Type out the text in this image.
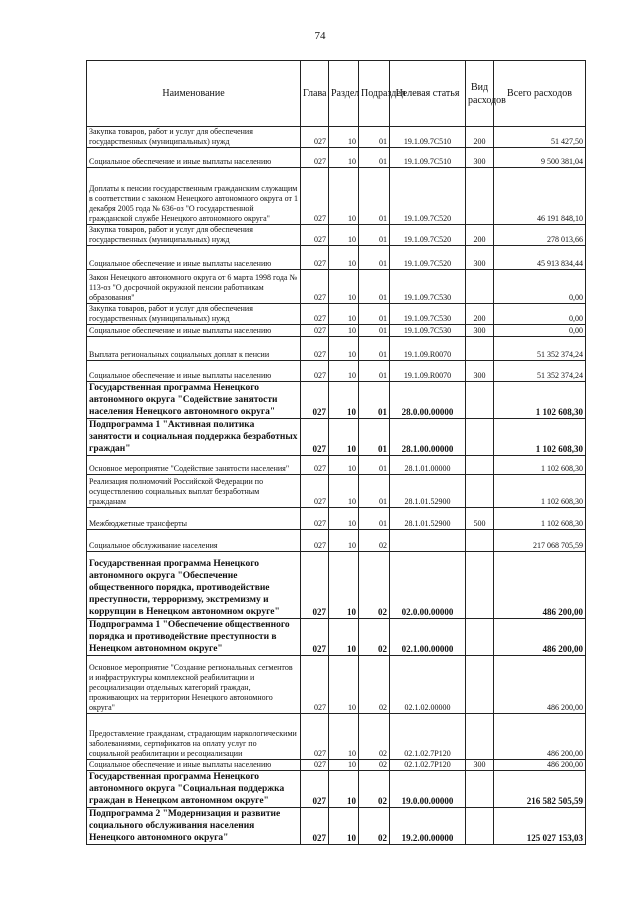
74
Наименование	Глава	Раздел	Подраздел	Целевая статья	Вид расходов	Всего расходов
Закупка товаров, работ и услуг для обеспечения государственных (муниципальных) нужд	027	10	01	19.1.09.7С510	200	51 427,50
Социальное обеспечение и иные выплаты населению	027	10	01	19.1.09.7С510	300	9 500 381,04
Доплаты к пенсии государственным гражданским служащим в соответствии с законом Ненецкого автономного округа от 1 декабря 2005 года № 636-оз "О государственной гражданской службе Ненецкого автономного округа"	027	10	01	19.1.09.7С520		46 191 848,10
Закупка товаров, работ и услуг для обеспечения государственных (муниципальных) нужд	027	10	01	19.1.09.7С520	200	278 013,66
Социальное обеспечение и иные выплаты населению	027	10	01	19.1.09.7С520	300	45 913 834,44
Закон Ненецкого автономного округа от 6 марта 1998 года № 113-оз "О досрочной окружной пенсии работникам образования"	027	10	01	19.1.09.7С530		0,00
Закупка товаров, работ и услуг для обеспечения государственных (муниципальных) нужд	027	10	01	19.1.09.7С530	200	0,00
Социальное обеспечение и иные выплаты населению	027	10	01	19.1.09.7С530	300	0,00
Выплата региональных социальных доплат к пенсии	027	10	01	19.1.09.R0070		51 352 374,24
Социальное обеспечение и иные выплаты населению	027	10	01	19.1.09.R0070	300	51 352 374,24
Государственная программа Ненецкого автономного округа "Содействие занятости населения Ненецкого автономного округа"	027	10	01	28.0.00.00000		1 102 608,30
Подпрограмма 1 "Активная политика занятости и социальная поддержка безработных граждан"	027	10	01	28.1.00.00000		1 102 608,30
Основное мероприятие "Содействие занятости населения"	027	10	01	28.1.01.00000		1 102 608,30
Реализация полномочий Российской Федерации по осуществлению социальных выплат безработным гражданам	027	10	01	28.1.01.52900		1 102 608,30
Межбюджетные трансферты	027	10	01	28.1.01.52900	500	1 102 608,30
Социальное обслуживание населения	027	10	02			217 068 705,59
Государственная программа Ненецкого автономного округа "Обеспечение общественного порядка, противодействие преступности, терроризму, экстремизму и коррупции в Ненецком автономном округе"	027	10	02	02.0.00.00000		486 200,00
Подпрограмма 1 "Обеспечение общественного порядка и противодействие преступности в Ненецком автономном округе"	027	10	02	02.1.00.00000		486 200,00
Основное мероприятие "Создание региональных сегментов и инфраструктуры комплексной реабилитации и ресоциализации отдельных категорий граждан, проживающих на территории Ненецкого автономного округа"	027	10	02	02.1.02.00000		486 200,00
Предоставление гражданам, страдающим наркологическими заболеваниями, сертификатов на оплату услуг по социальной реабилитации и ресоциализации	027	10	02	02.1.02.7Р120		486 200,00
Социальное обеспечение и иные выплаты населению	027	10	02	02.1.02.7Р120	300	486 200,00
Государственная программа Ненецкого автономного округа "Социальная поддержка граждан в Ненецком автономном округе"	027	10	02	19.0.00.00000		216 582 505,59
Подпрограмма 2 "Модернизация и развитие социального обслуживания населения Ненецкого автономного округа"	027	10	02	19.2.00.00000		125 027 153,03
